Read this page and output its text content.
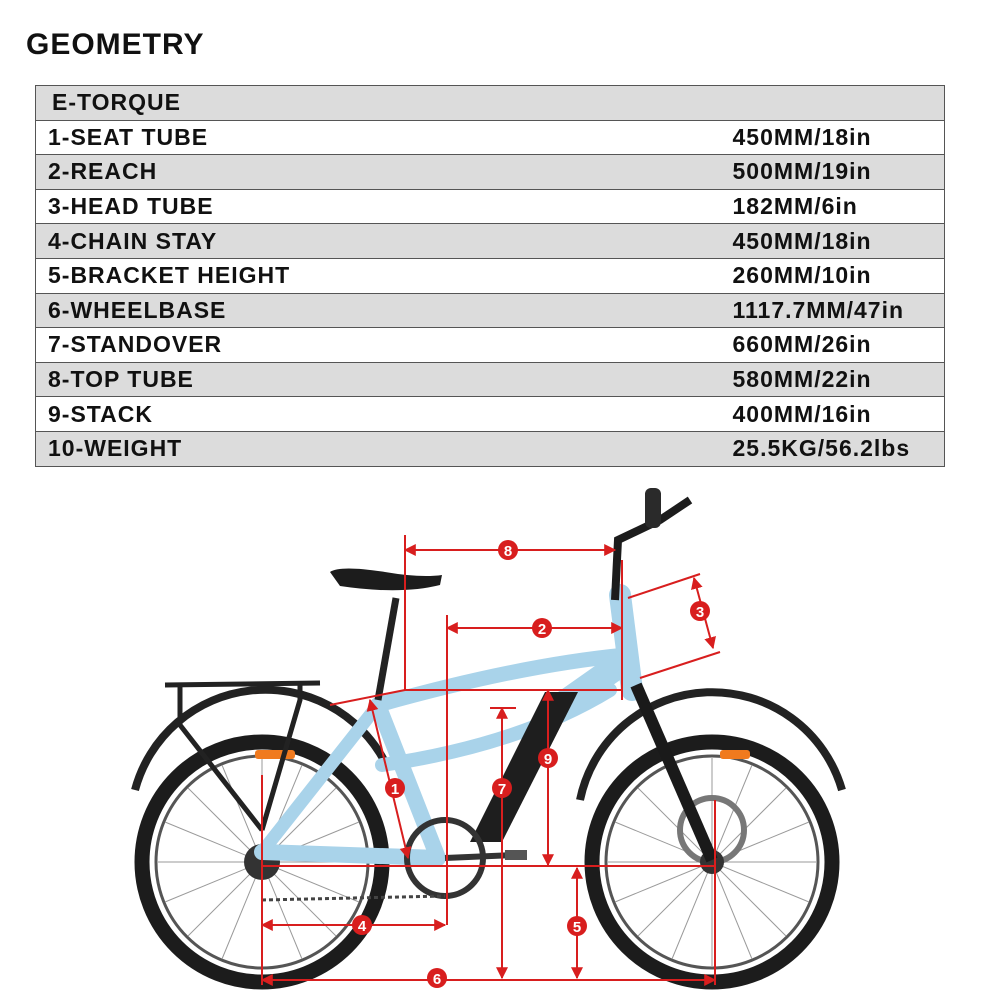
GEOMETRY
E-TORQUE	
1-SEAT TUBE	450MM/18in
2-REACH	500MM/19in
3-HEAD TUBE	182MM/6in
4-CHAIN STAY	450MM/18in
5-BRACKET HEIGHT	260MM/10in
6-WHEELBASE	1117.7MM/47in
7-STANDOVER	660MM/26in
8-TOP TUBE	580MM/22in
9-STACK	400MM/16in
10-WEIGHT	25.5KG/56.2lbs
1
2
3
4	5
6
7
8
9
